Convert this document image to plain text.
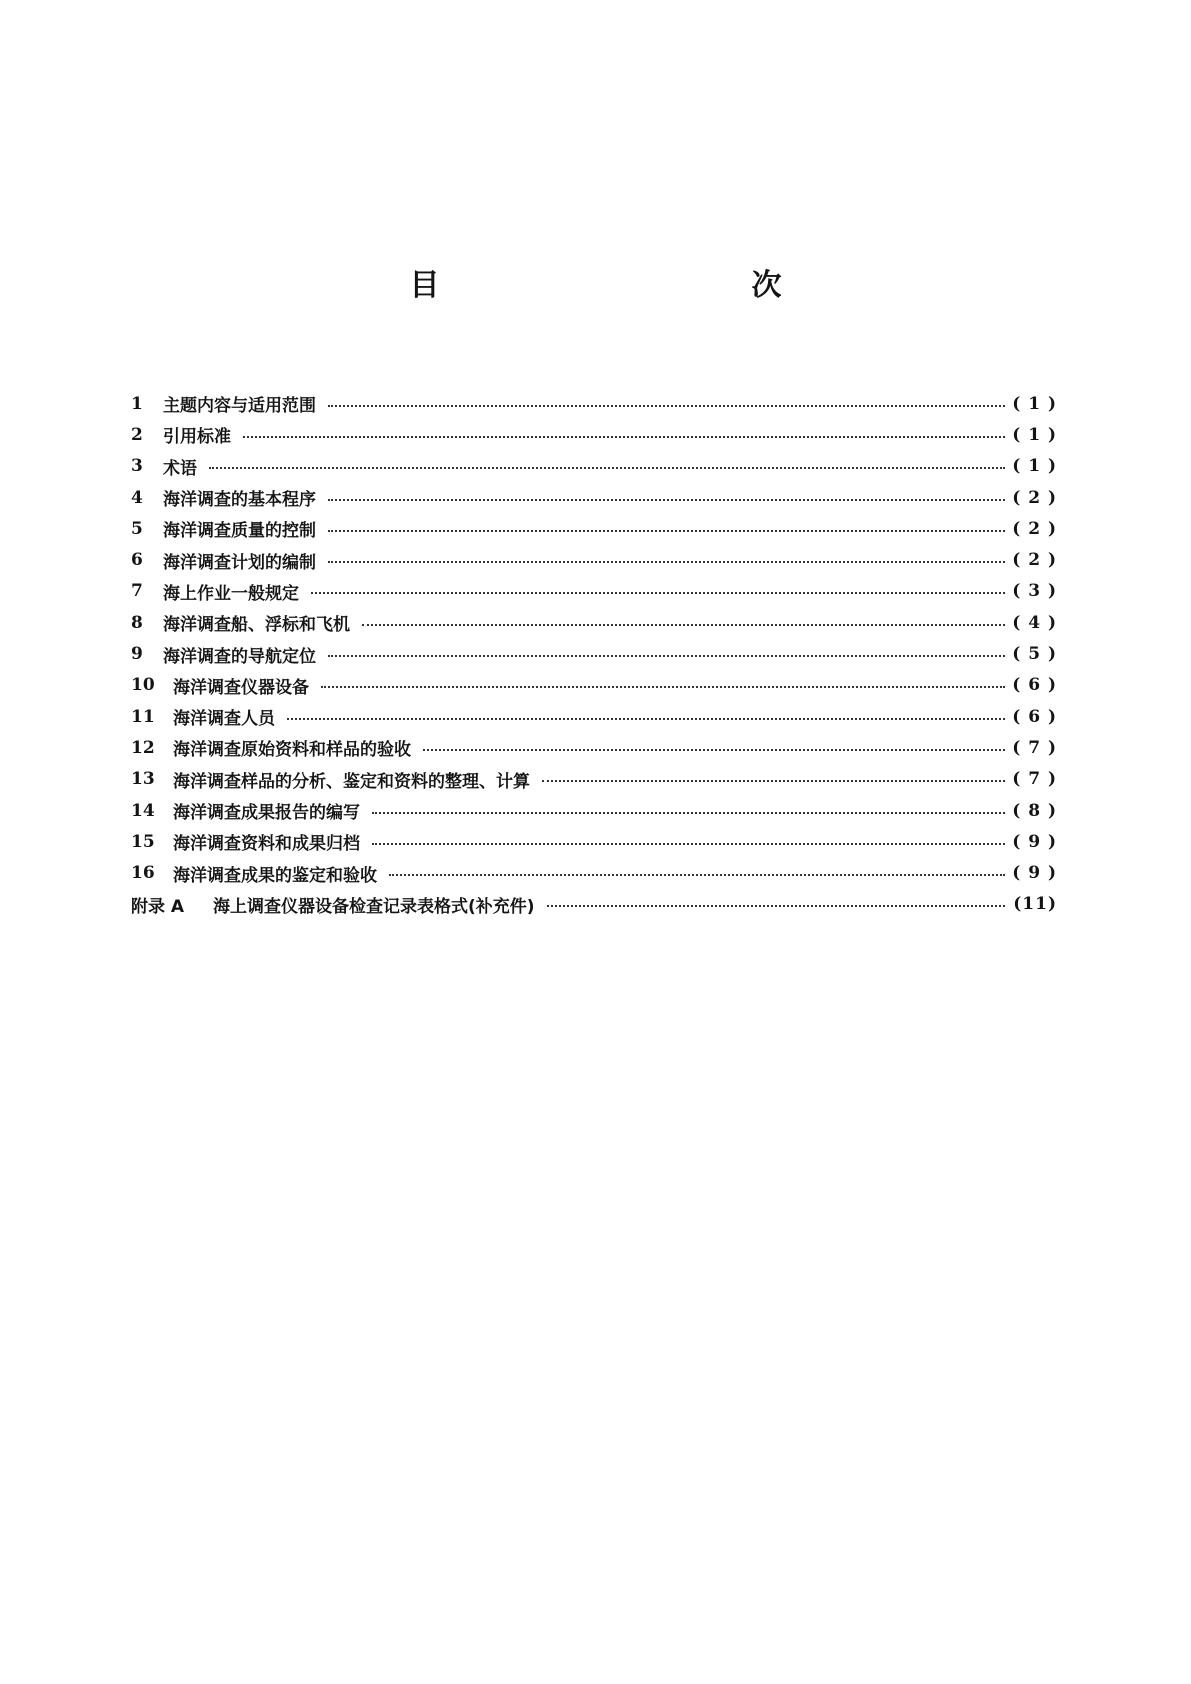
目　　次
1	主题内容与适用范围	( 1 )
2	引用标准	( 1 )
3	术语	( 1 )
4	海洋调查的基本程序	( 2 )
5	海洋调查质量的控制	( 2 )
6	海洋调查计划的编制	( 2 )
7	海上作业一般规定	( 3 )
8	海洋调查船、浮标和飞机	( 4 )
9	海洋调查的导航定位	( 5 )
10	海洋调查仪器设备	( 6 )
11	海洋调查人员	( 6 )
12	海洋调查原始资料和样品的验收	( 7 )
13	海洋调查样品的分析、鉴定和资料的整理、计算	( 7 )
14	海洋调查成果报告的编写	( 8 )
15	海洋调查资料和成果归档	( 9 )
16	海洋调查成果的鉴定和验收	( 9 )
附录 A	海上调查仪器设备检查记录表格式(补充件)	(11)
